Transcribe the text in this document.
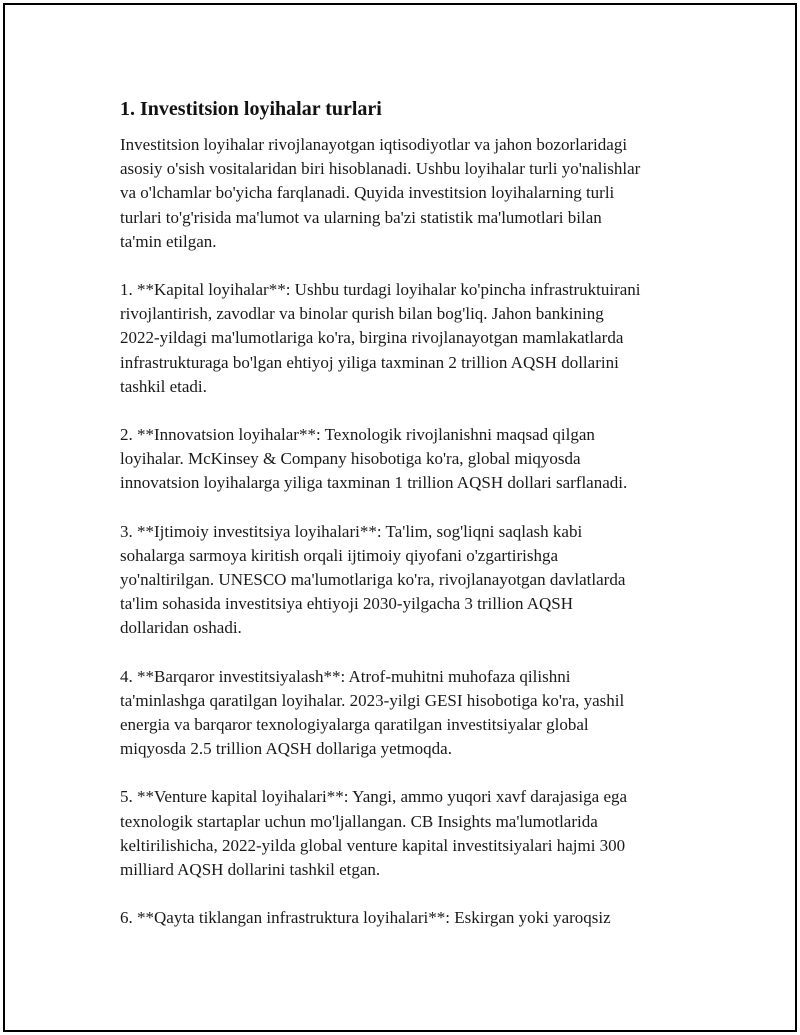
1. Investitsion loyihalar turlari

Investitsion loyihalar rivojlanayotgan iqtisodiyotlar va jahon bozorlaridagi
asosiy o'sish vositalaridan biri hisoblanadi. Ushbu loyihalar turli yo'nalishlar
va o'lchamlar bo'yicha farqlanadi. Quyida investitsion loyihalarning turli
turlari to'g'risida ma'lumot va ularning ba'zi statistik ma'lumotlari bilan
ta'min etilgan.

1. **Kapital loyihalar**: Ushbu turdagi loyihalar ko'pincha infrastruktuirani
rivojlantirish, zavodlar va binolar qurish bilan bog'liq. Jahon bankining
2022-yildagi ma'lumotlariga ko'ra, birgina rivojlanayotgan mamlakatlarda
infrastrukturaga bo'lgan ehtiyoj yiliga taxminan 2 trillion AQSH dollarini
tashkil etadi.

2. **Innovatsion loyihalar**: Texnologik rivojlanishni maqsad qilgan
loyihalar. McKinsey & Company hisobotiga ko'ra, global miqyosda
innovatsion loyihalarga yiliga taxminan 1 trillion AQSH dollari sarflanadi.

3. **Ijtimoiy investitsiya loyihalari**: Ta'lim, sog'liqni saqlash kabi
sohalarga sarmoya kiritish orqali ijtimoiy qiyofani o'zgartirishga
yo'naltirilgan. UNESCO ma'lumotlariga ko'ra, rivojlanayotgan davlatlarda
ta'lim sohasida investitsiya ehtiyoji 2030-yilgacha 3 trillion AQSH
dollaridan oshadi.

4. **Barqaror investitsiyalash**: Atrof-muhitni muhofaza qilishni
ta'minlashga qaratilgan loyihalar. 2023-yilgi GESI hisobotiga ko'ra, yashil
energia va barqaror texnologiyalarga qaratilgan investitsiyalar global
miqyosda 2.5 trillion AQSH dollariga yetmoqda.

5. **Venture kapital loyihalari**: Yangi, ammo yuqori xavf darajasiga ega
texnologik startaplar uchun mo'ljallangan. CB Insights ma'lumotlarida
keltirilishicha, 2022-yilda global venture kapital investitsiyalari hajmi 300
milliard AQSH dollarini tashkil etgan.

6. **Qayta tiklangan infrastruktura loyihalari**: Eskirgan yoki yaroqsiz
